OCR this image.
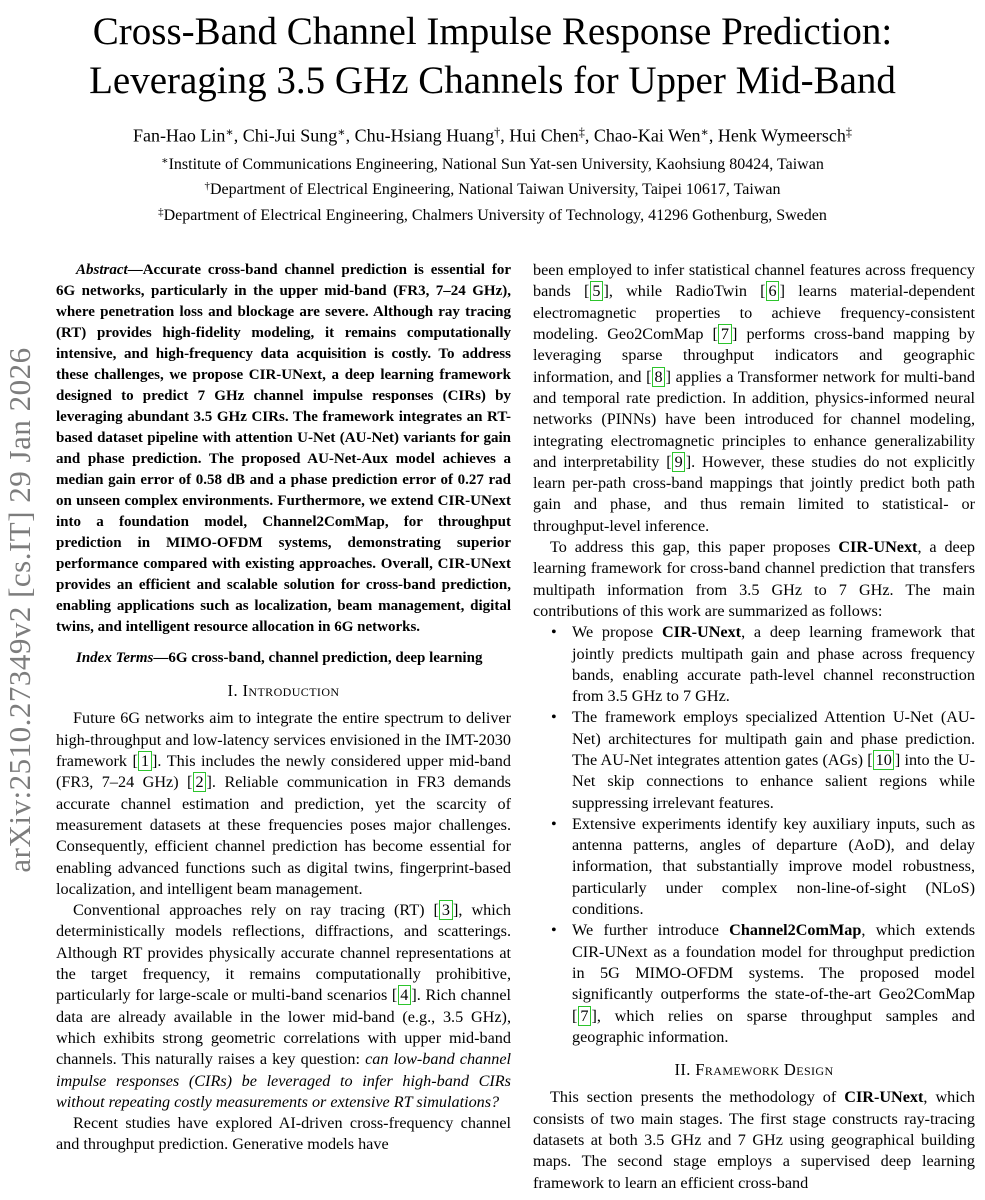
arXiv:2510.27349v2 [cs.IT] 29 Jan 2026
Cross-Band Channel Impulse Response Prediction:
Leveraging 3.5 GHz Channels for Upper Mid-Band
Fan-Hao Lin∗, Chi-Jui Sung∗, Chu-Hsiang Huang†, Hui Chen‡, Chao-Kai Wen∗, Henk Wymeersch‡
∗Institute of Communications Engineering, National Sun Yat-sen University, Kaohsiung 80424, Taiwan
†Department of Electrical Engineering, National Taiwan University, Taipei 10617, Taiwan
‡Department of Electrical Engineering, Chalmers University of Technology, 41296 Gothenburg, Sweden

Abstract—Accurate cross-band channel prediction is essential for 6G networks, particularly in the upper mid-band (FR3, 7–24 GHz), where penetration loss and blockage are severe. Although ray tracing (RT) provides high-fidelity modeling, it remains computationally intensive, and high-frequency data acquisition is costly. To address these challenges, we propose CIR-UNext, a deep learning framework designed to predict 7 GHz channel impulse responses (CIRs) by leveraging abundant 3.5 GHz CIRs. The framework integrates an RT-based dataset pipeline with attention U-Net (AU-Net) variants for gain and phase prediction. The proposed AU-Net-Aux model achieves a median gain error of 0.58 dB and a phase prediction error of 0.27 rad on unseen complex environments. Furthermore, we extend CIR-UNext into a foundation model, Channel2ComMap, for throughput prediction in MIMO-OFDM systems, demonstrating superior performance compared with existing approaches. Overall, CIR-UNext provides an efficient and scalable solution for cross-band prediction, enabling applications such as localization, beam management, digital twins, and intelligent resource allocation in 6G networks.

Index Terms—6G cross-band, channel prediction, deep learning

I. Introduction

Future 6G networks aim to integrate the entire spectrum to deliver high-throughput and low-latency services envisioned in the IMT-2030 framework [ 1 ]. This includes the newly considered upper mid-band (FR3, 7–24 GHz) [ 2 ]. Reliable communication in FR3 demands accurate channel estimation and prediction, yet the scarcity of measurement datasets at these frequencies poses major challenges. Consequently, efficient channel prediction has become essential for enabling advanced functions such as digital twins, fingerprint-based localization, and intelligent beam management.

Conventional approaches rely on ray tracing (RT) [ 3 ], which deterministically models reflections, diffractions, and scatterings. Although RT provides physically accurate channel representations at the target frequency, it remains computationally prohibitive, particularly for large-scale or multi-band scenarios [ 4 ]. Rich channel data are already available in the lower mid-band (e.g., 3.5 GHz), which exhibits strong geometric correlations with upper mid-band channels. This naturally raises a key question: can low-band channel impulse responses (CIRs) be leveraged to infer high-band CIRs without repeating costly measurements or extensive RT simulations?

Recent studies have explored AI-driven cross-frequency channel and throughput prediction. Generative models have

been employed to infer statistical channel features across frequency bands [ 5 ], while RadioTwin [ 6 ] learns material-dependent electromagnetic properties to achieve frequency-consistent modeling. Geo2ComMap [ 7 ] performs cross-band mapping by leveraging sparse throughput indicators and geographic information, and [ 8 ] applies a Transformer network for multi-band and temporal rate prediction. In addition, physics-informed neural networks (PINNs) have been introduced for channel modeling, integrating electromagnetic principles to enhance generalizability and interpretability [ 9 ]. However, these studies do not explicitly learn per-path cross-band mappings that jointly predict both path gain and phase, and thus remain limited to statistical- or throughput-level inference.

To address this gap, this paper proposes CIR-UNext, a deep learning framework for cross-band channel prediction that transfers multipath information from 3.5 GHz to 7 GHz. The main contributions of this work are summarized as follows:

• We propose CIR-UNext, a deep learning framework that jointly predicts multipath gain and phase across frequency bands, enabling accurate path-level channel reconstruction from 3.5 GHz to 7 GHz.
• The framework employs specialized Attention U-Net (AU-Net) architectures for multipath gain and phase prediction. The AU-Net integrates attention gates (AGs) [ 10 ] into the U-Net skip connections to enhance salient regions while suppressing irrelevant features.
• Extensive experiments identify key auxiliary inputs, such as antenna patterns, angles of departure (AoD), and delay information, that substantially improve model robustness, particularly under complex non-line-of-sight (NLoS) conditions.
• We further introduce Channel2ComMap, which extends CIR-UNext as a foundation model for throughput prediction in 5G MIMO-OFDM systems. The proposed model significantly outperforms the state-of-the-art Geo2ComMap [ 7 ], which relies on sparse throughput samples and geographic information.
II. Framework Design

This section presents the methodology of CIR-UNext, which consists of two main stages. The first stage constructs ray-tracing datasets at both 3.5 GHz and 7 GHz using geographical building maps. The second stage employs a supervised deep learning framework to learn an efficient cross-band
